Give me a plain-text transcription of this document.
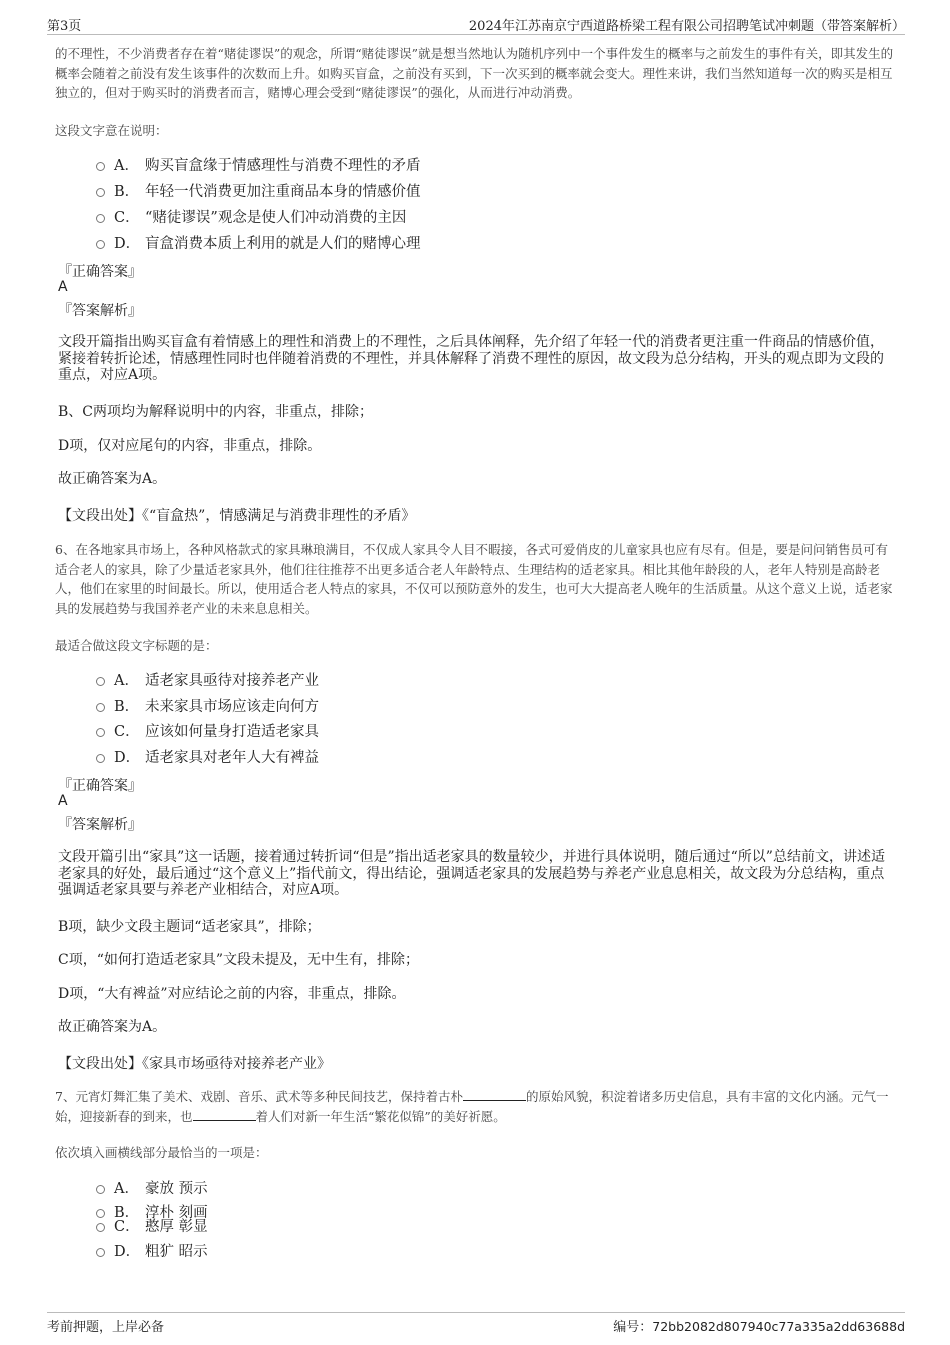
第3页	2024年江苏南京宁西道路桥梁工程有限公司招聘笔试冲刺题（带答案解析）
的不理性，不少消费者存在着“赌徒谬误”的观念，所谓“赌徒谬误”就是想当然地认为随机序列中一个事件发生的概率与之前发生的事件有关，即其发生的概率会随着之前没有发生该事件的次数而上升。如购买盲盒，之前没有买到，下一次买到的概率就会变大。理性来讲，我们当然知道每一次的购买是相互独立的，但对于购买时的消费者而言，赌博心理会受到“赌徒谬误”的强化，从而进行冲动消费。
这段文字意在说明：
A． 购买盲盒缘于情感理性与消费不理性的矛盾
B． 年轻一代消费更加注重商品本身的情感价值
C． “赌徒谬误”观念是使人们冲动消费的主因
D． 盲盒消费本质上利用的就是人们的赌博心理
『正确答案』
A
『答案解析』
文段开篇指出购买盲盒有着情感上的理性和消费上的不理性，之后具体阐释，先介绍了年轻一代的消费者更注重一件商品的情感价值，紧接着转折论述，情感理性同时也伴随着消费的不理性，并具体解释了消费不理性的原因，故文段为总分结构，开头的观点即为文段的重点，对应A项。
B、C两项均为解释说明中的内容，非重点，排除；
D项，仅对应尾句的内容，非重点，排除。
故正确答案为A。
【文段出处】《“盲盒热”，情感满足与消费非理性的矛盾》
6、在各地家具市场上，各种风格款式的家具琳琅满目，不仅成人家具令人目不暇接，各式可爱俏皮的儿童家具也应有尽有。但是，要是问问销售员可有适合老人的家具，除了少量适老家具外，他们往往推荐不出更多适合老人年龄特点、生理结构的适老家具。相比其他年龄段的人，老年人特别是高龄老人，他们在家里的时间最长。所以，使用适合老人特点的家具，不仅可以预防意外的发生，也可大大提高老人晚年的生活质量。从这个意义上说，适老家具的发展趋势与我国养老产业的未来息息相关。
最适合做这段文字标题的是：
A． 适老家具亟待对接养老产业
B． 未来家具市场应该走向何方
C． 应该如何量身打造适老家具
D． 适老家具对老年人大有裨益
『正确答案』
A
『答案解析』
文段开篇引出“家具”这一话题，接着通过转折词“但是”指出适老家具的数量较少，并进行具体说明，随后通过“所以”总结前文，讲述适老家具的好处，最后通过“这个意义上”指代前文，得出结论，强调适老家具的发展趋势与养老产业息息相关，故文段为分总结构，重点强调适老家具要与养老产业相结合，对应A项。
B项，缺少文段主题词“适老家具”，排除；
C项，“如何打造适老家具”文段未提及，无中生有，排除；
D项，“大有裨益”对应结论之前的内容，非重点，排除。
故正确答案为A。
【文段出处】《家具市场亟待对接养老产业》
7、元宵灯舞汇集了美术、戏剧、音乐、武术等多种民间技艺，保持着古朴	的原始风貌，积淀着诸多历史信息，具有丰富的文化内涵。元气一始，迎接新春的到来，也	着人们对新一年生活“繁花似锦”的美好祈愿。
依次填入画横线部分最恰当的一项是：
A． 豪放 预示
B． 淳朴 刻画
C． 憨厚 彰显
D． 粗犷 昭示
考前押题，上岸必备	编号：72bb2082d807940c77a335a2dd63688d
